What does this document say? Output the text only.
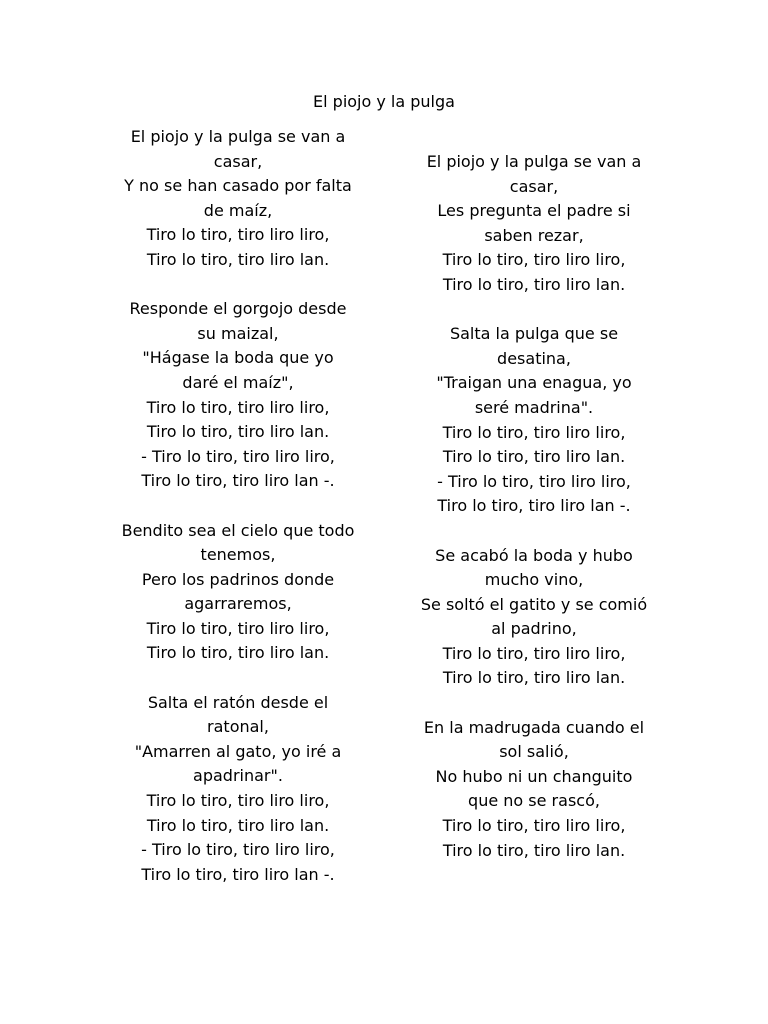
El piojo y la pulga
El piojo y la pulga se van a
casar,
Y no se han casado por falta
de maíz,
Tiro lo tiro, tiro liro liro,
Tiro lo tiro, tiro liro lan.
Responde el gorgojo desde
su maizal,
"Hágase la boda que yo
daré el maíz",
Tiro lo tiro, tiro liro liro,
Tiro lo tiro, tiro liro lan.
- Tiro lo tiro, tiro liro liro,
Tiro lo tiro, tiro liro lan -.
Bendito sea el cielo que todo
tenemos,
Pero los padrinos donde
agarraremos,
Tiro lo tiro, tiro liro liro,
Tiro lo tiro, tiro liro lan.
Salta el ratón desde el
ratonal,
"Amarren al gato, yo iré a
apadrinar".
Tiro lo tiro, tiro liro liro,
Tiro lo tiro, tiro liro lan.
- Tiro lo tiro, tiro liro liro,
Tiro lo tiro, tiro liro lan -.
El piojo y la pulga se van a
casar,
Les pregunta el padre si
saben rezar,
Tiro lo tiro, tiro liro liro,
Tiro lo tiro, tiro liro lan.
Salta la pulga que se
desatina,
"Traigan una enagua, yo
seré madrina".
Tiro lo tiro, tiro liro liro,
Tiro lo tiro, tiro liro lan.
- Tiro lo tiro, tiro liro liro,
Tiro lo tiro, tiro liro lan -.
Se acabó la boda y hubo
mucho vino,
Se soltó el gatito y se comió
al padrino,
Tiro lo tiro, tiro liro liro,
Tiro lo tiro, tiro liro lan.
En la madrugada cuando el
sol salió,
No hubo ni un changuito
que no se rascó,
Tiro lo tiro, tiro liro liro,
Tiro lo tiro, tiro liro lan.
